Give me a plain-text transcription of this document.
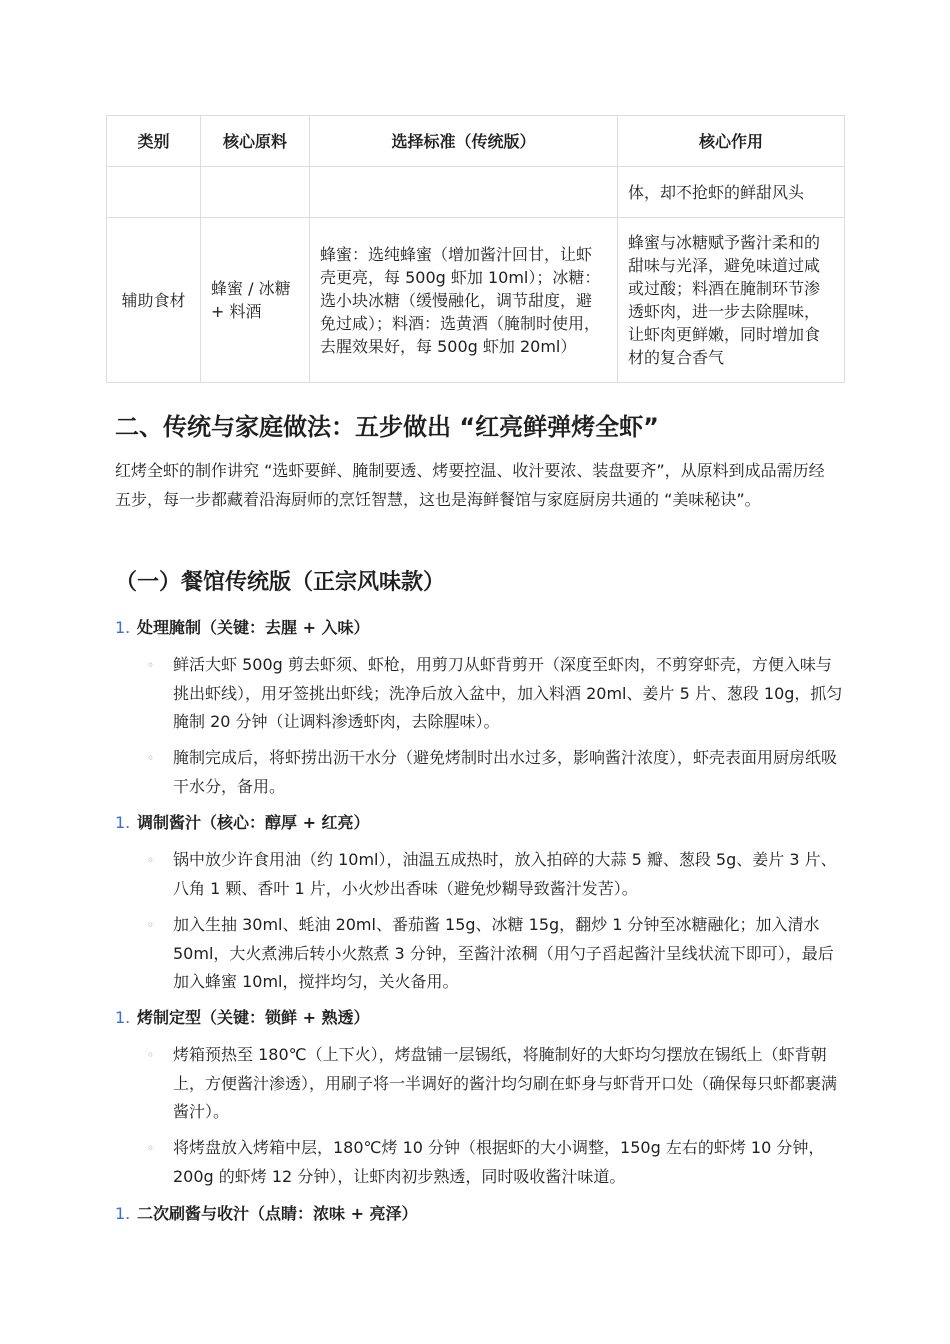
类别	核心原料	选择标准（传统版）	核心作用
			体，却不抢虾的鲜甜风头
辅助食材	蜂蜜 / 冰糖 + 料酒	蜂蜜：选纯蜂蜜（增加酱汁回甘，让虾壳更亮，每 500g 虾加 10ml）；冰糖：选小块冰糖（缓慢融化，调节甜度，避免过咸）；料酒：选黄酒（腌制时使用，去腥效果好，每 500g 虾加 20ml）	蜂蜜与冰糖赋予酱汁柔和的甜味与光泽，避免味道过咸或过酸；料酒在腌制环节渗透虾肉，进一步去除腥味，让虾肉更鲜嫩，同时增加食材的复合香气
二、传统与家庭做法：五步做出 “红亮鲜弹烤全虾”

红烤全虾的制作讲究 “选虾要鲜、腌制要透、烤要控温、收汁要浓、装盘要齐”，从原料到成品需历经五步，每一步都藏着沿海厨师的烹饪智慧，这也是海鲜餐馆与家庭厨房共通的 “美味秘诀”。

（一）餐馆传统版（正宗风味款）
1. 处理腌制（关键：去腥 + 入味）
◦ 鲜活大虾 500g 剪去虾须、虾枪，用剪刀从虾背剪开（深度至虾肉，不剪穿虾壳，方便入味与挑出虾线），用牙签挑出虾线；洗净后放入盆中，加入料酒 20ml、姜片 5 片、葱段 10g，抓匀腌制 20 分钟（让调料渗透虾肉，去除腥味）。
◦ 腌制完成后，将虾捞出沥干水分（避免烤制时出水过多，影响酱汁浓度），虾壳表面用厨房纸吸干水分，备用。
1. 调制酱汁（核心：醇厚 + 红亮）
◦ 锅中放少许食用油（约 10ml），油温五成热时，放入拍碎的大蒜 5 瓣、葱段 5g、姜片 3 片、八角 1 颗、香叶 1 片，小火炒出香味（避免炒糊导致酱汁发苦）。
◦ 加入生抽 30ml、蚝油 20ml、番茄酱 15g、冰糖 15g，翻炒 1 分钟至冰糖融化；加入清水 50ml，大火煮沸后转小火熬煮 3 分钟，至酱汁浓稠（用勺子舀起酱汁呈线状流下即可），最后加入蜂蜜 10ml，搅拌均匀，关火备用。
1. 烤制定型（关键：锁鲜 + 熟透）
◦ 烤箱预热至 180℃（上下火），烤盘铺一层锡纸，将腌制好的大虾均匀摆放在锡纸上（虾背朝上，方便酱汁渗透），用刷子将一半调好的酱汁均匀刷在虾身与虾背开口处（确保每只虾都裹满酱汁）。
◦ 将烤盘放入烤箱中层，180℃烤 10 分钟（根据虾的大小调整，150g 左右的虾烤 10 分钟，200g 的虾烤 12 分钟），让虾肉初步熟透，同时吸收酱汁味道。
1. 二次刷酱与收汁（点睛：浓味 + 亮泽）
